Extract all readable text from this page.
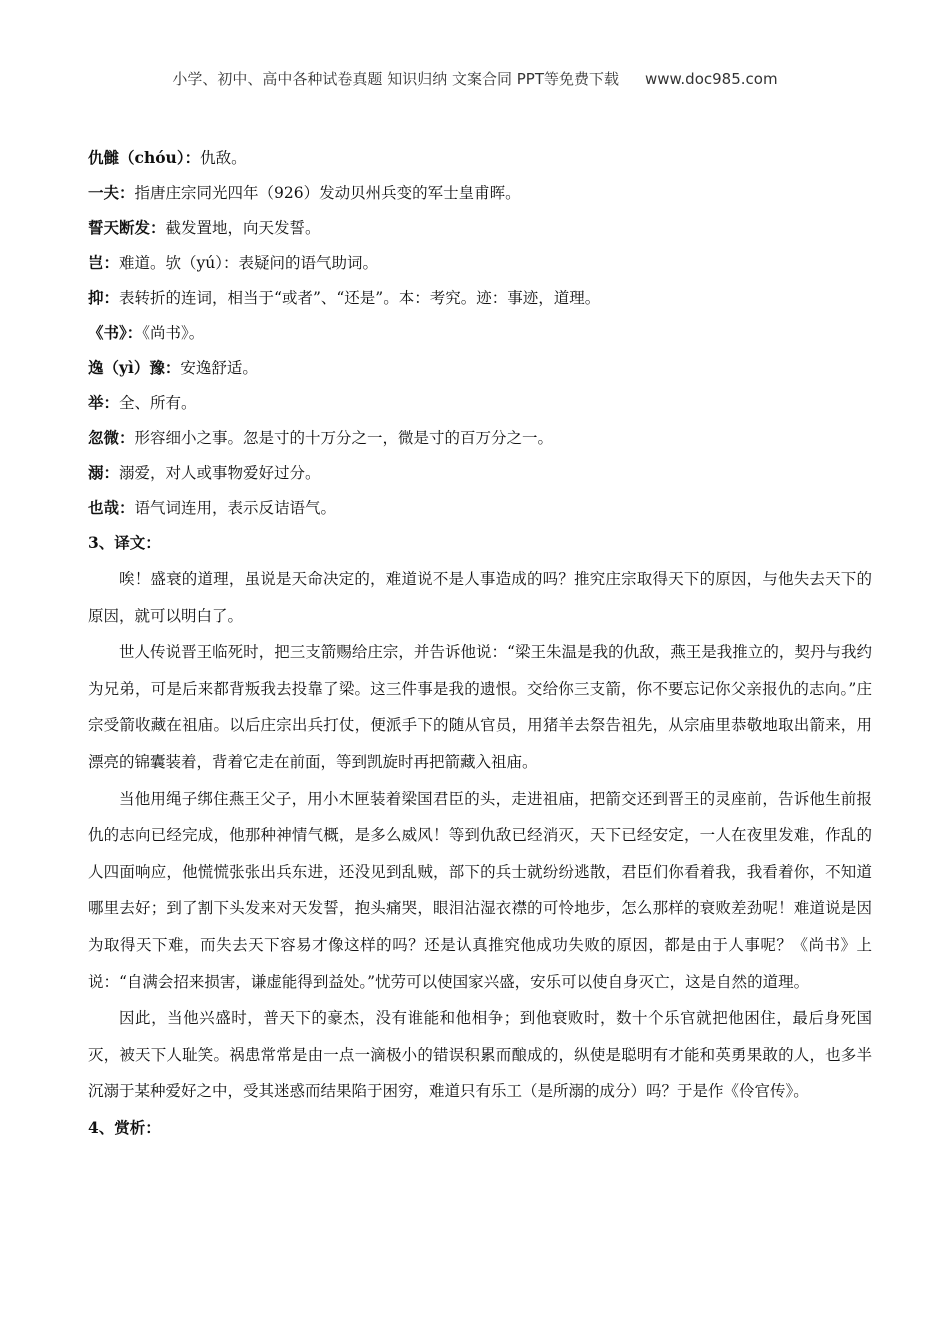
小学、初中、高中各种试卷真题 知识归纳 文案合同 PPT等免费下载 www.doc985.com
仇雠（chóu）：仇敌。
一夫：指唐庄宗同光四年（926）发动贝州兵变的军士皇甫晖。
誓天断发：截发置地，向天发誓。
岂：难道。欤（yú）：表疑问的语气助词。
抑：表转折的连词，相当于“或者”、“还是”。本：考究。迹：事迹，道理。
《书》：《尚书》。
逸（yì）豫：安逸舒适。
举：全、所有。
忽微：形容细小之事。忽是寸的十万分之一，微是寸的百万分之一。
溺：溺爱，对人或事物爱好过分。
也哉：语气词连用，表示反诘语气。
3、译文：

唉！盛衰的道理，虽说是天命决定的，难道说不是人事造成的吗？推究庄宗取得天下的原因，与他失去天下的原因，就可以明白了。

世人传说晋王临死时，把三支箭赐给庄宗，并告诉他说：“梁王朱温是我的仇敌，燕王是我推立的，契丹与我约为兄弟，可是后来都背叛我去投靠了梁。这三件事是我的遗恨。交给你三支箭，你不要忘记你父亲报仇的志向。”庄宗受箭收藏在祖庙。以后庄宗出兵打仗，便派手下的随从官员，用猪羊去祭告祖先，从宗庙里恭敬地取出箭来，用漂亮的锦囊装着，背着它走在前面，等到凯旋时再把箭藏入祖庙。

当他用绳子绑住燕王父子，用小木匣装着梁国君臣的头，走进祖庙，把箭交还到晋王的灵座前，告诉他生前报仇的志向已经完成，他那种神情气概，是多么威风！等到仇敌已经消灭，天下已经安定，一人在夜里发难，作乱的人四面响应，他慌慌张张出兵东进，还没见到乱贼，部下的兵士就纷纷逃散，君臣们你看着我，我看着你，不知道哪里去好；到了割下头发来对天发誓，抱头痛哭，眼泪沾湿衣襟的可怜地步，怎么那样的衰败差劲呢！难道说是因为取得天下难，而失去天下容易才像这样的吗？还是认真推究他成功失败的原因，都是由于人事呢？《尚书》上说：“自满会招来损害，谦虚能得到益处。”忧劳可以使国家兴盛，安乐可以使自身灭亡，这是自然的道理。

因此，当他兴盛时，普天下的豪杰，没有谁能和他相争；到他衰败时，数十个乐官就把他困住，最后身死国灭，被天下人耻笑。祸患常常是由一点一滴极小的错误积累而酿成的，纵使是聪明有才能和英勇果敢的人，也多半沉溺于某种爱好之中，受其迷惑而结果陷于困穷，难道只有乐工（是所溺的成分）吗？于是作《伶官传》。

4、赏析：
